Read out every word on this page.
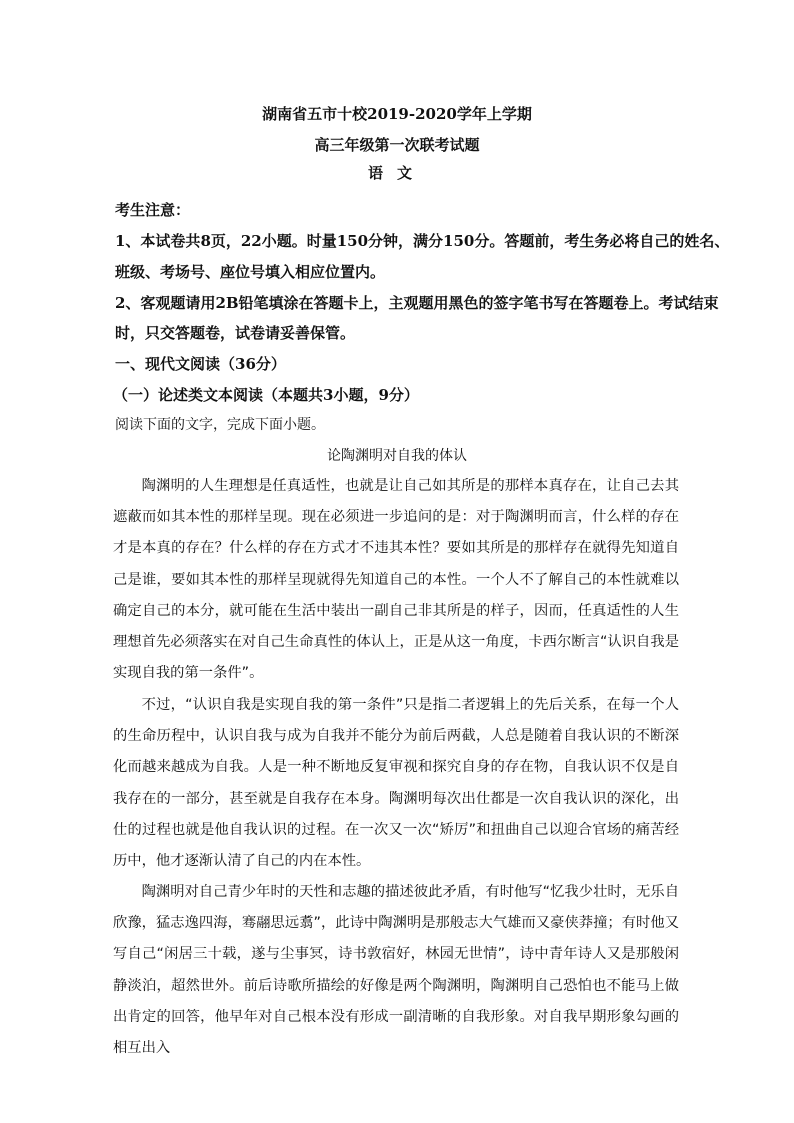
湖南省五市十校2019-2020学年上学期
高三年级第一次联考试题
语文
考生注意：
1、本试卷共8页，22小题。时量150分钟，满分150分。答题前，考生务必将自己的姓名、
班级、考场号、座位号填入相应位置内。
2、客观题请用2B铅笔填涂在答题卡上，主观题用黑色的签字笔书写在答题卷上。考试结束
时，只交答题卷，试卷请妥善保管。
一、现代文阅读（36分）
（一）论述类文本阅读（本题共3小题，9分）
阅读下面的文字，完成下面小题。
论陶渊明对自我的体认
陶渊明的人生理想是任真适性，也就是让自己如其所是的那样本真存在，让自己去其遮蔽而如其本性的那样呈现。现在必须进一步追问的是：对于陶渊明而言，什么样的存在才是本真的存在？什么样的存在方式才不违其本性？要如其所是的那样存在就得先知道自己是谁，要如其本性的那样呈现就得先知道自己的本性。一个人不了解自己的本性就难以确定自己的本分，就可能在生活中装出一副自己非其所是的样子，因而，任真适性的人生理想首先必须落实在对自己生命真性的体认上，正是从这一角度，卡西尔断言“认识自我是实现自我的第一条件”。
不过，“认识自我是实现自我的第一条件”只是指二者逻辑上的先后关系，在每一个人的生命历程中，认识自我与成为自我并不能分为前后两截，人总是随着自我认识的不断深化而越来越成为自我。人是一种不断地反复审视和探究自身的存在物，自我认识不仅是自我存在的一部分，甚至就是自我存在本身。陶渊明每次出仕都是一次自我认识的深化，出仕的过程也就是他自我认识的过程。在一次又一次“矫厉”和扭曲自己以迎合官场的痛苦经历中，他才逐渐认清了自己的内在本性。
陶渊明对自己青少年时的天性和志趣的描述彼此矛盾，有时他写“忆我少壮时，无乐自欣豫，猛志逸四海，骞翮思远翥”，此诗中陶渊明是那般志大气雄而又豪侠莽撞；有时他又写自己“闲居三十载，遂与尘事冥，诗书敦宿好，林园无世情”，诗中青年诗人又是那般闲静淡泊，超然世外。前后诗歌所描绘的好像是两个陶渊明，陶渊明自己恐怕也不能马上做出肯定的回答，他早年对自己根本没有形成一副清晰的自我形象。对自我早期形象勾画的相互出入
